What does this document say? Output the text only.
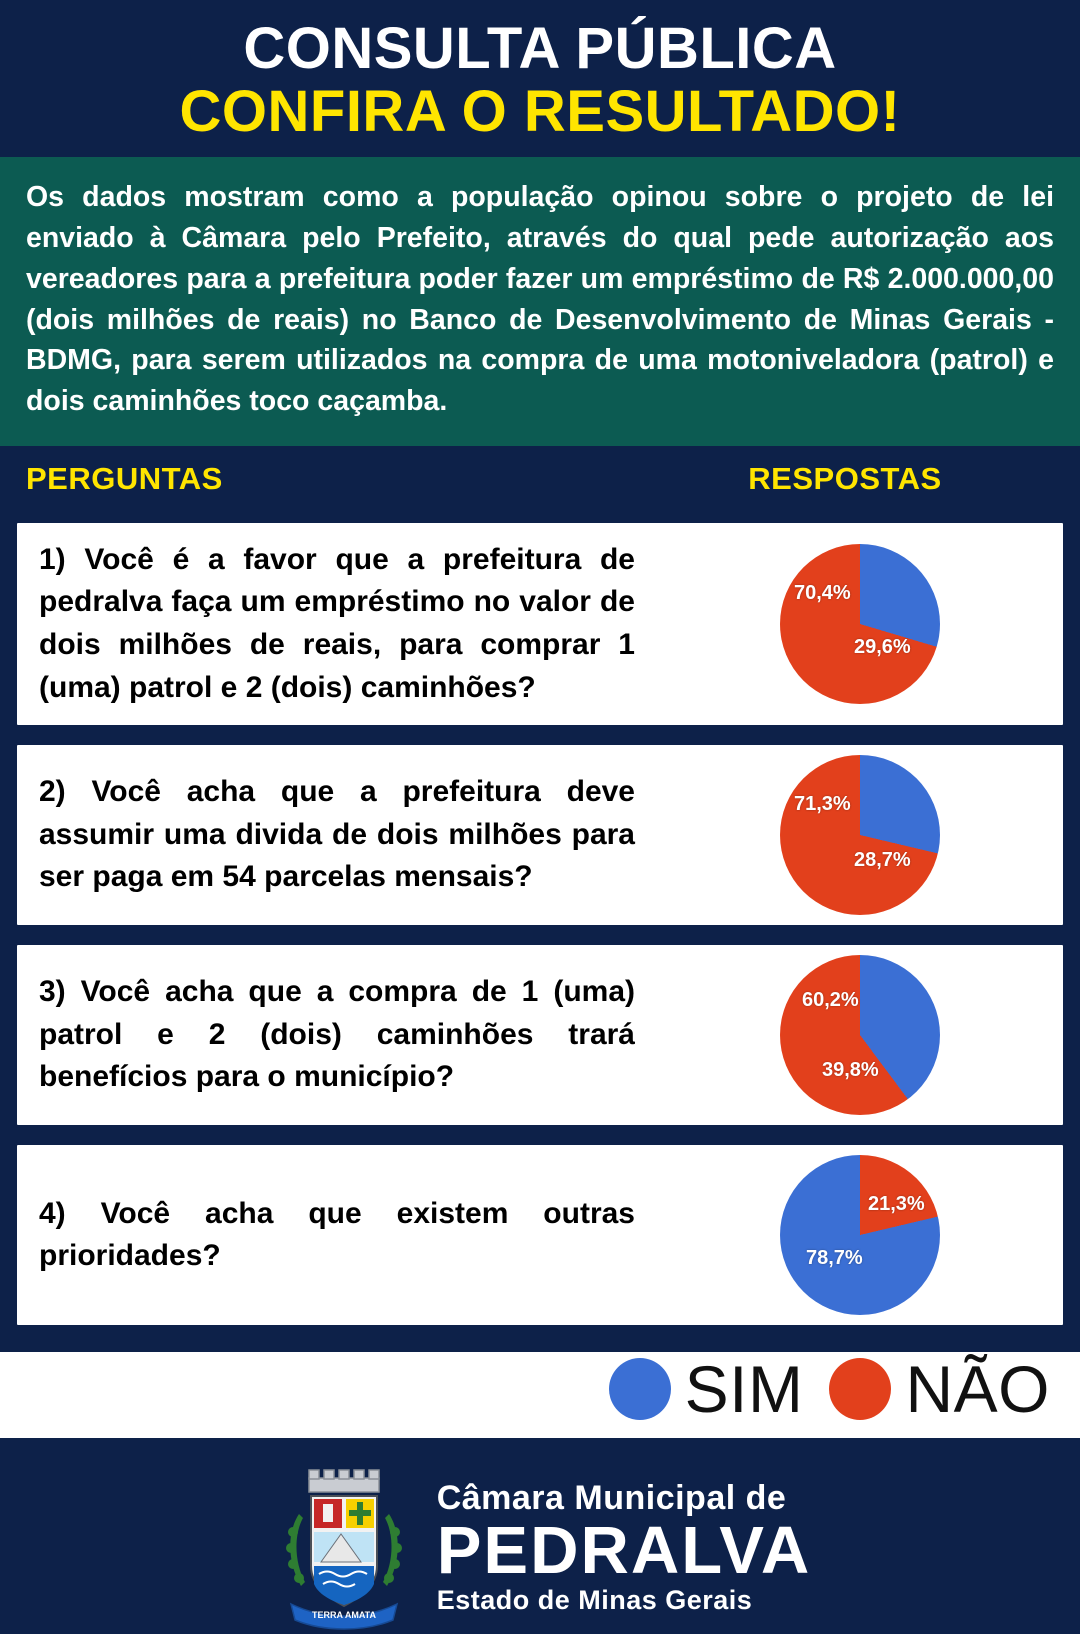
CONSULTA PÚBLICA
CONFIRA O RESULTADO!

Os dados mostram como a população opinou sobre o projeto de lei enviado à Câmara pelo Prefeito, através do qual pede autorização aos vereadores para a prefeitura poder fazer um empréstimo de R$ 2.000.000,00 (dois milhões de reais) no Banco de Desenvolvimento de Minas Gerais - BDMG, para serem utilizados na compra de uma motoniveladora (patrol) e dois caminhões toco caçamba.

PERGUNTAS	RESPOSTAS
1) Você é a favor que a prefeitura de pedralva faça um empréstimo no valor de dois milhões de reais, para comprar 1 (uma) patrol e 2 (dois) caminhões?
70,4%
29,6%
2) Você acha que a prefeitura deve assumir uma divida de dois milhões para ser paga em 54 parcelas mensais?
71,3%
28,7%
3) Você acha que a compra de 1 (uma) patrol e 2 (dois) caminhões trará benefícios para o município?
60,2%
39,8%
4) Você acha que existem outras prioridades?
21,3%
78,7%
SIM NÃO
TERRA AMATA
Câmara Municipal de
PEDRALVA
Estado de Minas Gerais
